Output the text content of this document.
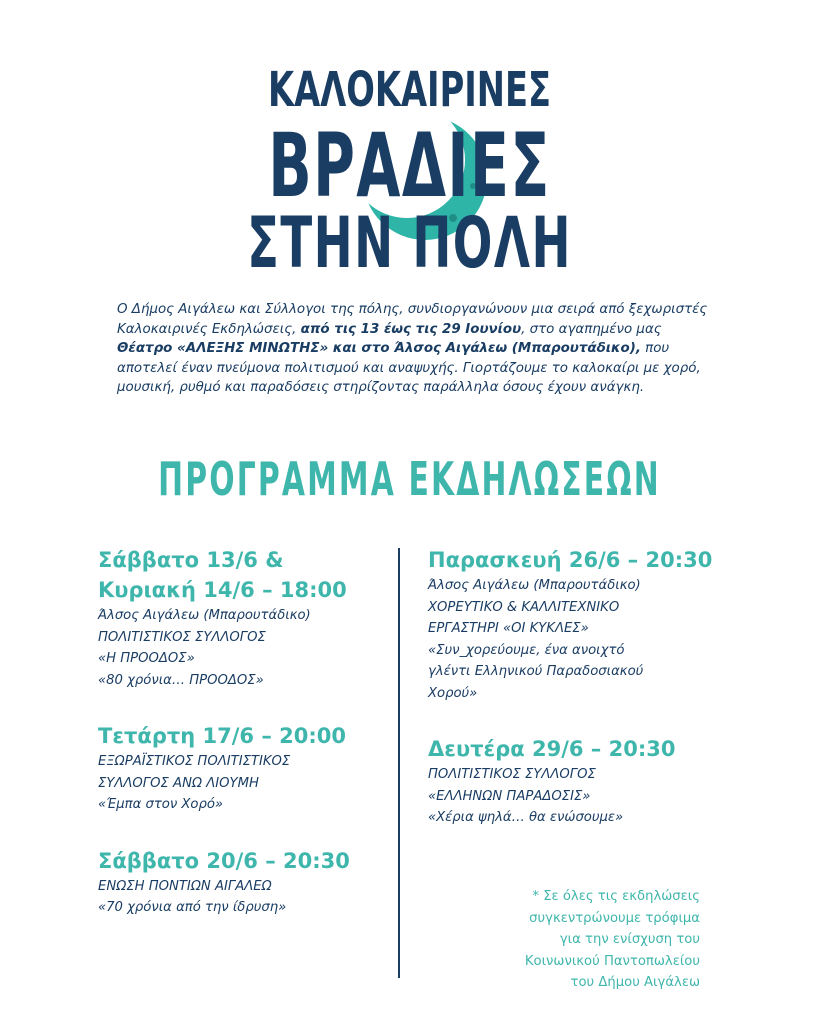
ΚΑΛΟΚΑΙΡΙΝΕΣ
ΒΡΑΔΙΕΣ
ΣΤΗΝ ΠΟΛΗ
Ο Δήμος Αιγάλεω και Σύλλογοι της πόλης, συνδιοργανώνουν μια σειρά από ξεχωριστές Καλοκαιρινές Εκδηλώσεις, από τις 13 έως τις 29 Ιουνίου, στο αγαπημένο μας Θέατρο «ΑΛΕΞΗΣ ΜΙΝΩΤΗΣ» και στο Άλσος Αιγάλεω (Μπαρουτάδικο), που αποτελεί έναν πνεύμονα πολιτισμού και αναψυχής. Γιορτάζουμε το καλοκαίρι με χορό, μουσική, ρυθμό και παραδόσεις στηρίζοντας παράλληλα όσους έχουν ανάγκη.
ΠΡΟΓΡΑΜΜΑ ΕΚΔΗΛΩΣΕΩΝ

Σάββατο 13/6 &

Κυριακή 14/6 – 18:00

Άλσος Αιγάλεω (Μπαρουτάδικο)

ΠΟΛΙΤΙΣΤΙΚΟΣ ΣΥΛΛΟΓΟΣ

«Η ΠΡΟΟΔΟΣ»

«80 χρόνια… ΠΡΟΟΔΟΣ»

Τετάρτη 17/6 – 20:00

ΕΞΩΡΑΪΣΤΙΚΟΣ ΠΟΛΙΤΙΣΤΙΚΟΣ

ΣΥΛΛΟΓΟΣ ΑΝΩ ΛΙΟΥΜΗ

«Έμπα στον Χορό»

Σάββατο 20/6 – 20:30

ΕΝΩΣΗ ΠΟΝΤΙΩΝ ΑΙΓΑΛΕΩ

«70 χρόνια από την ίδρυση»

Παρασκευή 26/6 – 20:30

Άλσος Αιγάλεω (Μπαρουτάδικο)

ΧΟΡΕΥΤΙΚΟ & ΚΑΛΛΙΤΕΧΝΙΚΟ

ΕΡΓΑΣΤΗΡΙ «ΟΙ ΚΥΚΛΕΣ»

«Συν_χορεύουμε, ένα ανοιχτό

γλέντι Ελληνικού Παραδοσιακού

Χορού»

Δευτέρα 29/6 – 20:30

ΠΟΛΙΤΙΣΤΙΚΟΣ ΣΥΛΛΟΓΟΣ

«ΕΛΛΗΝΩΝ ΠΑΡΑΔΟΣΙΣ»

«Χέρια ψηλά… θα ενώσουμε»

* Σε όλες τις εκδηλώσεις
συγκεντρώνουμε τρόφιμα
για την ενίσχυση του
Κοινωνικού Παντοπωλείου
του Δήμου Αιγάλεω
